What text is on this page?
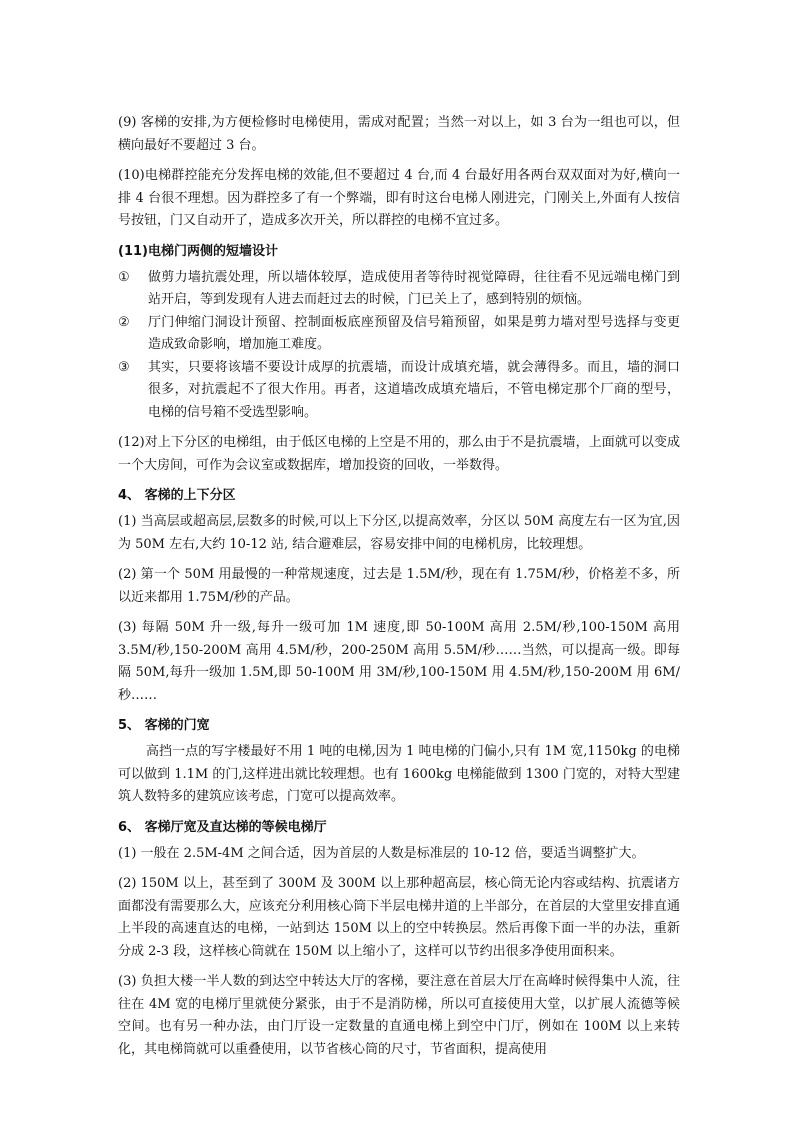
(9) 客梯的安排,为方便检修时电梯使用，需成对配置；当然一对以上，如 3 台为一组也可以，但横向最好不要超过 3 台。

(10)电梯群控能充分发挥电梯的效能,但不要超过 4 台,而 4 台最好用各两台双双面对为好,横向一排 4 台很不理想。因为群控多了有一个弊端，即有时这台电梯人刚进完，门刚关上,外面有人按信号按钮，门又自动开了，造成多次开关，所以群控的电梯不宜过多。

(11)电梯门两侧的短墙设计
① 做剪力墙抗震处理，所以墙体较厚，造成使用者等待时视觉障碍，往往看不见远端电梯门到站开启，等到发现有人进去而赶过去的时候，门已关上了，感到特别的烦恼。
② 厅门伸缩门洞设计预留、控制面板底座预留及信号箱预留，如果是剪力墙对型号选择与变更造成致命影响，增加施工难度。
③ 其实，只要将该墙不要设计成厚的抗震墙，而设计成填充墙，就会薄得多。而且，墙的洞口很多，对抗震起不了很大作用。再者，这道墙改成填充墙后，不管电梯定那个厂商的型号，电梯的信号箱不受选型影响。

(12)对上下分区的电梯组，由于低区电梯的上空是不用的，那么由于不是抗震墙，上面就可以变成一个大房间，可作为会议室或数据库，增加投资的回收，一举数得。

4、 客梯的上下分区

(1) 当高层或超高层,层数多的时候,可以上下分区,以提高效率，分区以 50M 高度左右一区为宜,因为 50M 左右,大约 10-12 站, 结合避难层，容易安排中间的电梯机房，比较理想。

(2) 第一个 50M 用最慢的一种常规速度，过去是 1.5M/秒，现在有 1.75M/秒，价格差不多，所以近来都用 1.75M/秒的产品。

(3) 每隔 50M 升一级,每升一级可加 1M 速度,即 50-100M 高用 2.5M/秒,100-150M 高用 3.5M/秒,150-200M 高用 4.5M/秒，200-250M 高用 5.5M/秒……当然，可以提高一级。即每隔 50M,每升一级加 1.5M,即 50-100M 用 3M/秒,100-150M 用 4.5M/秒,150-200M 用 6M/秒……

5、 客梯的门宽

高挡一点的写字楼最好不用 1 吨的电梯,因为 1 吨电梯的门偏小,只有 1M 宽,1150kg 的电梯可以做到 1.1M 的门,这样进出就比较理想。也有 1600kg 电梯能做到 1300 门宽的，对特大型建筑人数特多的建筑应该考虑，门宽可以提高效率。

6、 客梯厅宽及直达梯的等候电梯厅

(1) 一般在 2.5M-4M 之间合适，因为首层的人数是标准层的 10-12 倍，要适当调整扩大。

(2) 150M 以上，甚至到了 300M 及 300M 以上那种超高层，核心筒无论内容或结构、抗震诸方面都没有需要那么大，应该充分利用核心筒下半层电梯井道的上半部分，在首层的大堂里安排直通上半段的高速直达的电梯，一站到达 150M 以上的空中转换层。然后再像下面一半的办法，重新分成 2-3 段，这样核心筒就在 150M 以上缩小了，这样可以节约出很多净使用面积来。

(3) 负担大楼一半人数的到达空中转达大厅的客梯，要注意在首层大厅在高峰时候得集中人流，往往在 4M 宽的电梯厅里就使分紧张，由于不是消防梯，所以可直接使用大堂，以扩展人流德等候空间。也有另一种办法，由门厅设一定数量的直通电梯上到空中门厅，例如在 100M 以上来转化，其电梯筒就可以重叠使用，以节省核心筒的尺寸，节省面积，提高使用
